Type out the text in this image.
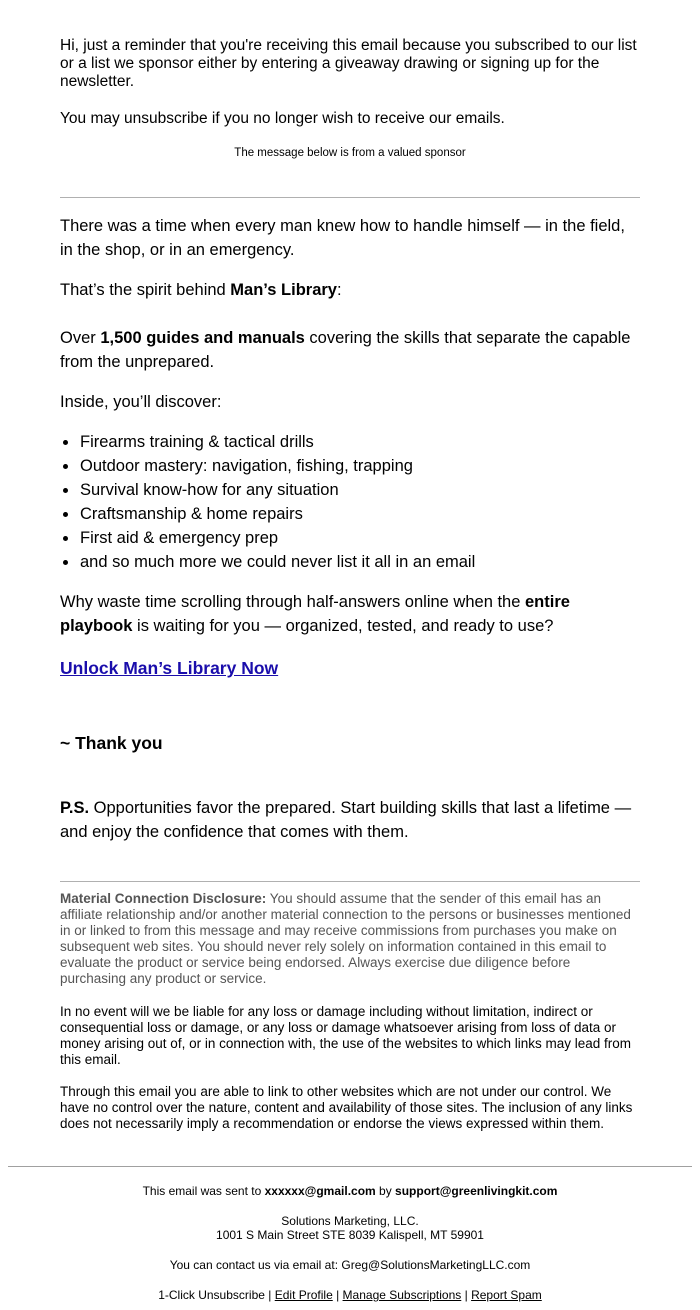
Hi, just a reminder that you're receiving this email because you subscribed to our list or a list we sponsor either by entering a giveaway drawing or signing up for the newsletter.

You may unsubscribe if you no longer wish to receive our emails.

The message below is from a valued sponsor

There was a time when every man knew how to handle himself — in the field, in the shop, or in an emergency.

That’s the spirit behind Man’s Library:

Over 1,500 guides and manuals covering the skills that separate the capable from the unprepared.

Inside, you’ll discover:

Firearms training & tactical drills
Outdoor mastery: navigation, fishing, trapping
Survival know-how for any situation
Craftsmanship & home repairs
First aid & emergency prep
and so much more we could never list it all in an email

Why waste time scrolling through half-answers online when the entire playbook is waiting for you — organized, tested, and ready to use?

Unlock Man’s Library Now

~ Thank you

P.S. Opportunities favor the prepared. Start building skills that last a lifetime — and enjoy the confidence that comes with them.

Material Connection Disclosure: You should assume that the sender of this email has an affiliate relationship and/or another material connection to the persons or businesses mentioned in or linked to from this message and may receive commissions from purchases you make on subsequent web sites. You should never rely solely on information contained in this email to evaluate the product or service being endorsed. Always exercise due diligence before purchasing any product or service.

In no event will we be liable for any loss or damage including without limitation, indirect or consequential loss or damage, or any loss or damage whatsoever arising from loss of data or money arising out of, or in connection with, the use of the websites to which links may lead from this email.

Through this email you are able to link to other websites which are not under our control. We have no control over the nature, content and availability of those sites. The inclusion of any links does not necessarily imply a recommendation or endorse the views expressed within them.

This email was sent to xxxxxx@gmail.com by support@greenlivingkit.com

Solutions Marketing, LLC.

1001 S Main Street STE 8039 Kalispell, MT 59901

You can contact us via email at: Greg@SolutionsMarketingLLC.com

1-Click Unsubscribe | Edit Profile | Manage Subscriptions | Report Spam
